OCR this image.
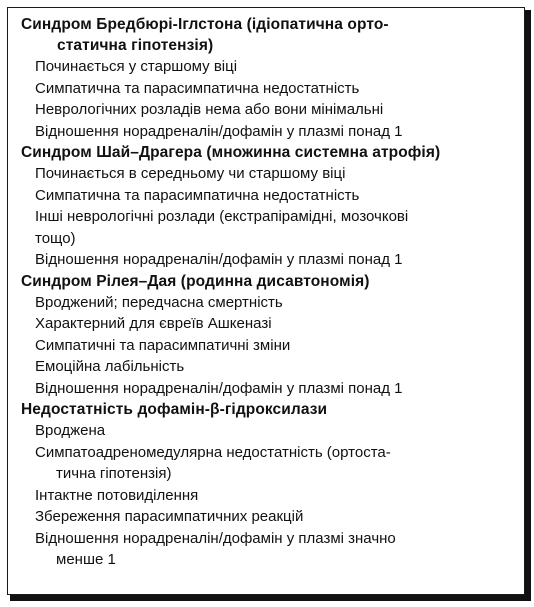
Синдром Бредбюрі-Іглстона (ідіопатична орто-
статична гіпотензія)

Починається у старшому віці

Симпатична та парасимпатична недостатність

Неврологічних розладів нема або вони мінімальні

Відношення норадреналін/дофамін у плазмі понад 1

Синдром Шай–Драгера (множинна системна атрофія)

Починається в середньому чи старшому віці

Симпатична та парасимпатична недостатність

Інші неврологічні розлади (екстрапірамідні, мозочкові
тощо)

Відношення норадреналін/дофамін у плазмі понад 1

Синдром Рілея–Дая (родинна дисавтономія)

Вроджений; передчасна смертність

Характерний для євреїв Ашкеназі

Симпатичні та парасимпатичні зміни

Емоційна лабільність

Відношення норадреналін/дофамін у плазмі понад 1

Недостатність дофамін-β-гідроксилази

Вроджена

Симпатоадреномедулярна недостатність (ортоста-
тична гіпотензія)

Інтактне потовиділення

Збереження парасимпатичних реакцій

Відношення норадреналін/дофамін у плазмі значно
менше 1
